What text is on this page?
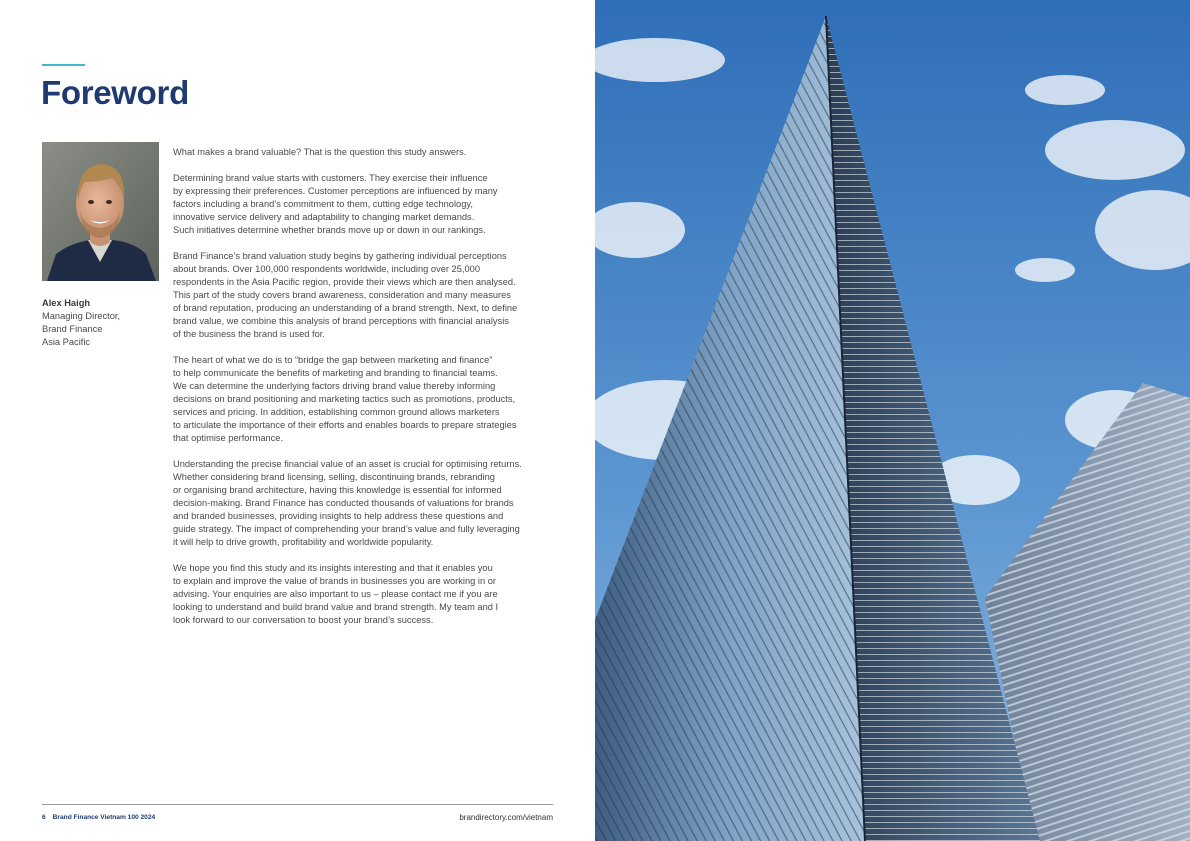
Foreword
Alex Haigh
Managing Director,
Brand Finance
Asia Pacific

What makes a brand valuable? That is the question this study answers.

Determining brand value starts with customers. They exercise their influence
by expressing their preferences. Customer perceptions are influenced by many
factors including a brand’s commitment to them, cutting edge technology,
innovative service delivery and adaptability to changing market demands.
Such initiatives determine whether brands move up or down in our rankings.

Brand Finance’s brand valuation study begins by gathering individual perceptions
about brands. Over 100,000 respondents worldwide, including over 25,000
respondents in the Asia Pacific region, provide their views which are then analysed.
This part of the study covers brand awareness, consideration and many measures
of brand reputation, producing an understanding of a brand strength. Next, to define
brand value, we combine this analysis of brand perceptions with financial analysis
of the business the brand is used for.

The heart of what we do is to “bridge the gap between marketing and finance”
to help communicate the benefits of marketing and branding to financial teams.
We can determine the underlying factors driving brand value thereby informing
decisions on brand positioning and marketing tactics such as promotions, products,
services and pricing. In addition, establishing common ground allows marketers
to articulate the importance of their efforts and enables boards to prepare strategies
that optimise performance.

Understanding the precise financial value of an asset is crucial for optimising returns.
Whether considering brand licensing, selling, discontinuing brands, rebranding
or organising brand architecture, having this knowledge is essential for informed
decision-making. Brand Finance has conducted thousands of valuations for brands
and branded businesses, providing insights to help address these questions and
guide strategy. The impact of comprehending your brand’s value and fully leveraging
it will help to drive growth, profitability and worldwide popularity.

We hope you find this study and its insights interesting and that it enables you
to explain and improve the value of brands in businesses you are working in or
advising. Your enquiries are also important to us – please contact me if you are
looking to understand and build brand value and brand strength. My team and I
look forward to our conversation to boost your brand’s success.

6 Brand Finance Vietnam 100 2024	brandirectory.com/vietnam
